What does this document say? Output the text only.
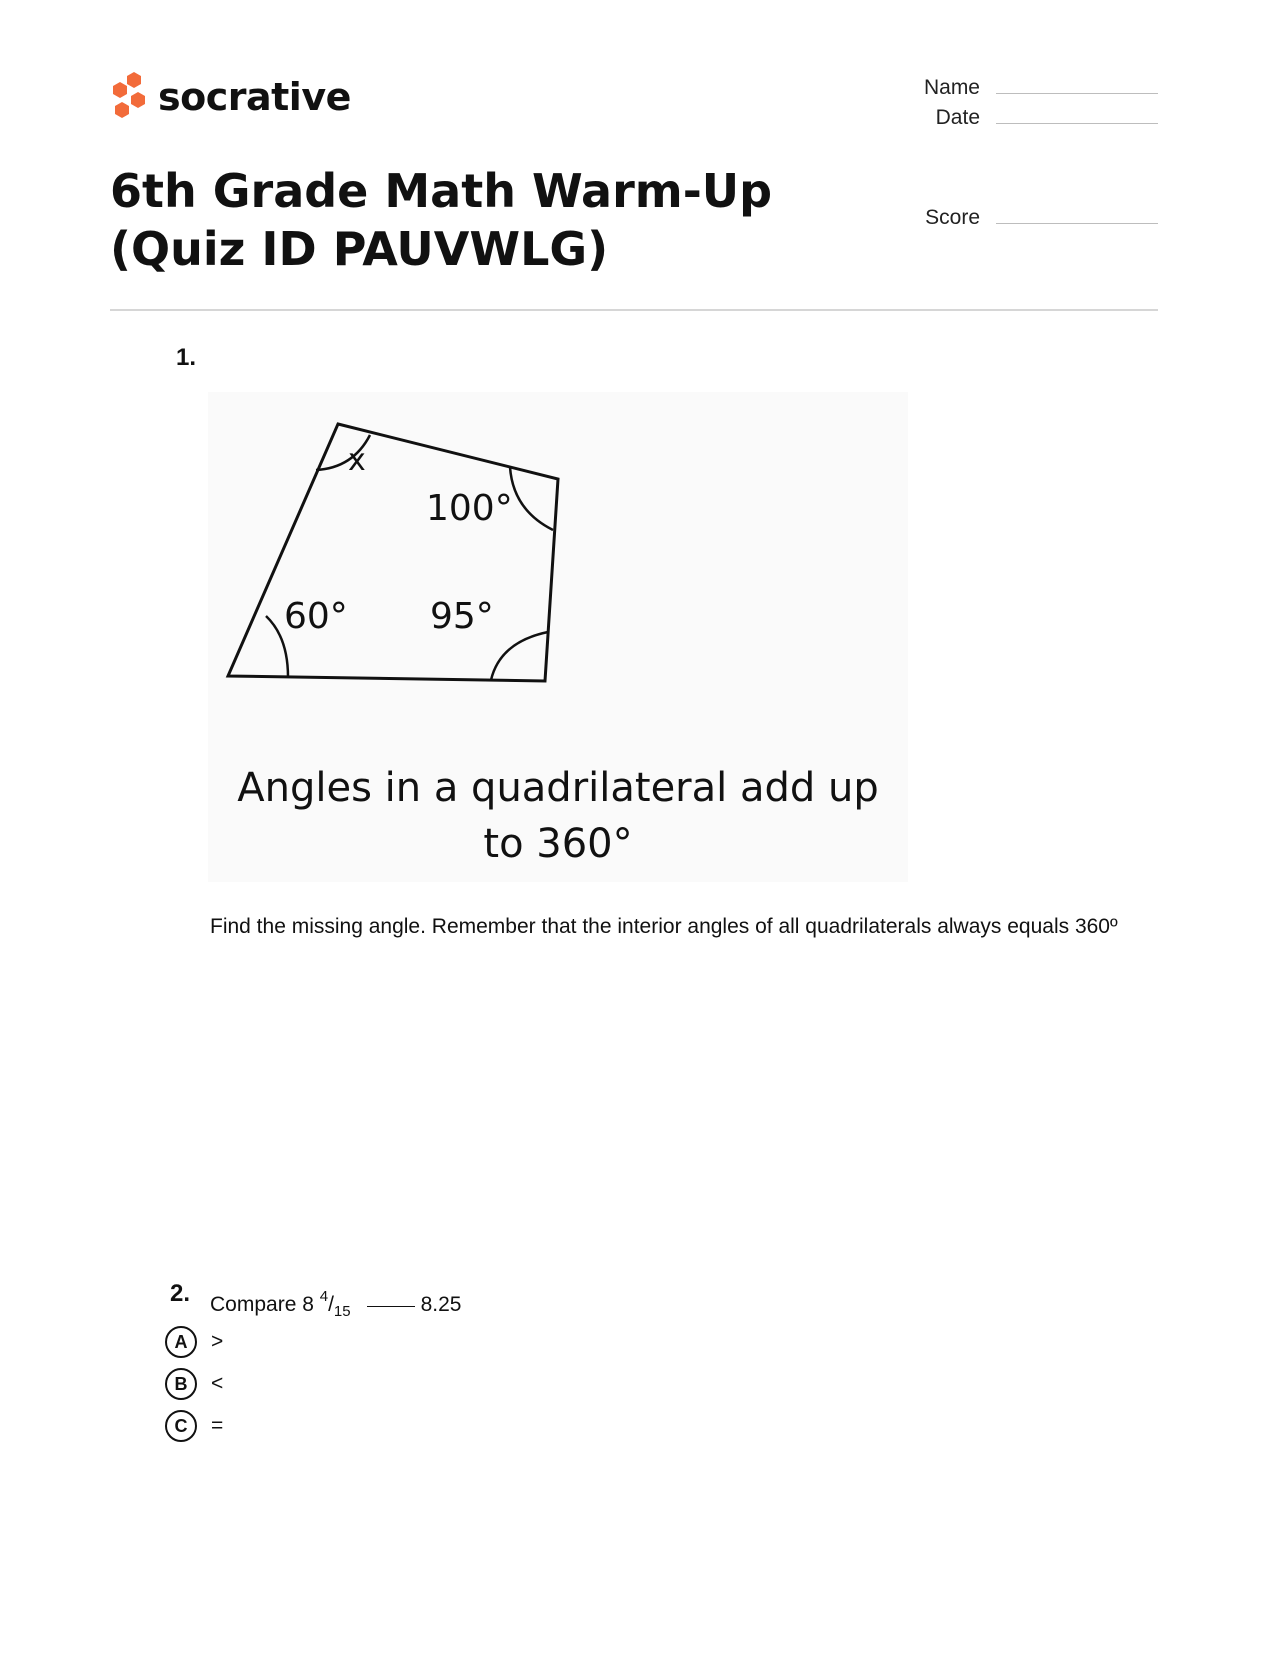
socrative	Name
Date
Score
6th Grade Math Warm-Up (Quiz ID PAUVWLG)
1.
x
100°
60° 95°
Angles in a quadrilateral add up
to 360°

Find the missing angle. Remember that the interior angles of all quadrilaterals always equals 360º

2. Compare 8 $^4/_{15}$	8.25
A	>
B	<
C	=
